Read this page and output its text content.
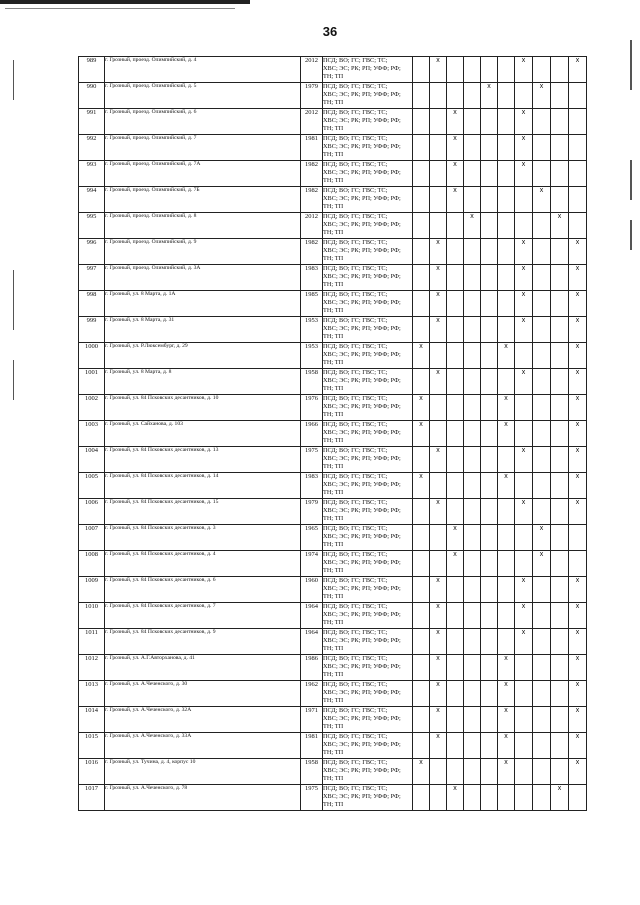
36
989	г. Грозный, проезд. Олимпийский, д. 4	2012	ПСД; ВО; ГС; ГВС; ТС;
ХВС; ЭС; РК; РП; УФФ; РФ;
ТН; ТП		x					x			x
990	г. Грозный, проезд. Олимпийский, д. 5	1979	ПСД; ВО; ГС; ГВС; ТС;
ХВС; ЭС; РК; РП; УФФ; РФ;
ТН; ТП					x			x		
991	г. Грозный, проезд. Олимпийский, д. 6	2012	ПСД; ВО; ГС; ГВС; ТС;
ХВС; ЭС; РК; РП; УФФ; РФ;
ТН; ТП			x				x			
992	г. Грозный, проезд. Олимпийский, д. 7	1981	ПСД; ВО; ГС; ГВС; ТС;
ХВС; ЭС; РК; РП; УФФ; РФ;
ТН; ТП			x				x			
993	г. Грозный, проезд. Олимпийский, д. 7А	1982	ПСД; ВО; ГС; ГВС; ТС;
ХВС; ЭС; РК; РП; УФФ; РФ;
ТН; ТП			x				x			
994	г. Грозный, проезд. Олимпийский, д. 7Б	1982	ПСД; ВО; ГС; ГВС; ТС;
ХВС; ЭС; РК; РП; УФФ; РФ;
ТН; ТП			x					x		
995	г. Грозный, проезд. Олимпийский, д. 8	2012	ПСД; ВО; ГС; ГВС; ТС;
ХВС; ЭС; РК; РП; УФФ; РФ;
ТН; ТП				x					x	
996	г. Грозный, проезд. Олимпийский, д. 9	1982	ПСД; ВО; ГС; ГВС; ТС;
ХВС; ЭС; РК; РП; УФФ; РФ;
ТН; ТП		x					x			x
997	г. Грозный, проезд. Олимпийский, д. 3А	1983	ПСД; ВО; ГС; ГВС; ТС;
ХВС; ЭС; РК; РП; УФФ; РФ;
ТН; ТП		x					x			x
998	г. Грозный, ул. 8 Марта, д. 1А	1985	ПСД; ВО; ГС; ГВС; ТС;
ХВС; ЭС; РК; РП; УФФ; РФ;
ТН; ТП		x					x			x
999	г. Грозный, ул. 8 Марта, д. 31	1953	ПСД; ВО; ГС; ГВС; ТС;
ХВС; ЭС; РК; РП; УФФ; РФ;
ТН; ТП		x					x			x
1000	г. Грозный, ул. Р.Люксембург, д. 29	1953	ПСД; ВО; ГС; ГВС; ТС;
ХВС; ЭС; РК; РП; УФФ; РФ;
ТН; ТП	x					x				x
1001	г. Грозный, ул. 8 Марта, д. 8	1958	ПСД; ВО; ГС; ГВС; ТС;
ХВС; ЭС; РК; РП; УФФ; РФ;
ТН; ТП		x					x			x
1002	г. Грозный, ул. 84 Псковских десантников, д. 10	1976	ПСД; ВО; ГС; ГВС; ТС;
ХВС; ЭС; РК; РП; УФФ; РФ;
ТН; ТП	x					x				x
1003	г. Грозный, ул. Сайханова, д. 103	1966	ПСД; ВО; ГС; ГВС; ТС;
ХВС; ЭС; РК; РП; УФФ; РФ;
ТН; ТП	x					x				x
1004	г. Грозный, ул. 84 Псковских десантников, д. 13	1975	ПСД; ВО; ГС; ГВС; ТС;
ХВС; ЭС; РК; РП; УФФ; РФ;
ТН; ТП		x					x			x
1005	г. Грозный, ул. 84 Псковских десантников, д. 14	1983	ПСД; ВО; ГС; ГВС; ТС;
ХВС; ЭС; РК; РП; УФФ; РФ;
ТН; ТП	x					x				x
1006	г. Грозный, ул. 84 Псковских десантников, д. 15	1979	ПСД; ВО; ГС; ГВС; ТС;
ХВС; ЭС; РК; РП; УФФ; РФ;
ТН; ТП		x					x			x
1007	г. Грозный, ул. 84 Псковских десантников, д. 3	1965	ПСД; ВО; ГС; ГВС; ТС;
ХВС; ЭС; РК; РП; УФФ; РФ;
ТН; ТП			x					x		
1008	г. Грозный, ул. 84 Псковских десантников, д. 4	1974	ПСД; ВО; ГС; ГВС; ТС;
ХВС; ЭС; РК; РП; УФФ; РФ;
ТН; ТП			x					x		
1009	г. Грозный, ул. 84 Псковских десантников, д. 6	1960	ПСД; ВО; ГС; ГВС; ТС;
ХВС; ЭС; РК; РП; УФФ; РФ;
ТН; ТП		x					x			x
1010	г. Грозный, ул. 84 Псковских десантников, д. 7	1964	ПСД; ВО; ГС; ГВС; ТС;
ХВС; ЭС; РК; РП; УФФ; РФ;
ТН; ТП		x					x			x
1011	г. Грозный, ул. 84 Псковских десантников, д. 9	1964	ПСД; ВО; ГС; ГВС; ТС;
ХВС; ЭС; РК; РП; УФФ; РФ;
ТН; ТП		x					x			x
1012	г. Грозный, ул. А.Г.Авторханова, д. 41	1986	ПСД; ВО; ГС; ГВС; ТС;
ХВС; ЭС; РК; РП; УФФ; РФ;
ТН; ТП		x				x				x
1013	г. Грозный, ул. А.Чеченского, д. 30	1962	ПСД; ВО; ГС; ГВС; ТС;
ХВС; ЭС; РК; РП; УФФ; РФ;
ТН; ТП		x				x				x
1014	г. Грозный, ул. А.Чеченского, д. 32А	1971	ПСД; ВО; ГС; ГВС; ТС;
ХВС; ЭС; РК; РП; УФФ; РФ;
ТН; ТП		x				x				x
1015	г. Грозный, ул. А.Чеченского, д. 33А	1981	ПСД; ВО; ГС; ГВС; ТС;
ХВС; ЭС; РК; РП; УФФ; РФ;
ТН; ТП		x				x				x
1016	г. Грозный, ул. Тучина, д. 4, корпус 10	1958	ПСД; ВО; ГС; ГВС; ТС;
ХВС; ЭС; РК; РП; УФФ; РФ;
ТН; ТП	x					x				x
1017	г. Грозный, ул. А.Чеченского, д. 78	1975	ПСД; ВО; ГС; ГВС; ТС;
ХВС; ЭС; РК; РП; УФФ; РФ;
ТН; ТП			x						x	
